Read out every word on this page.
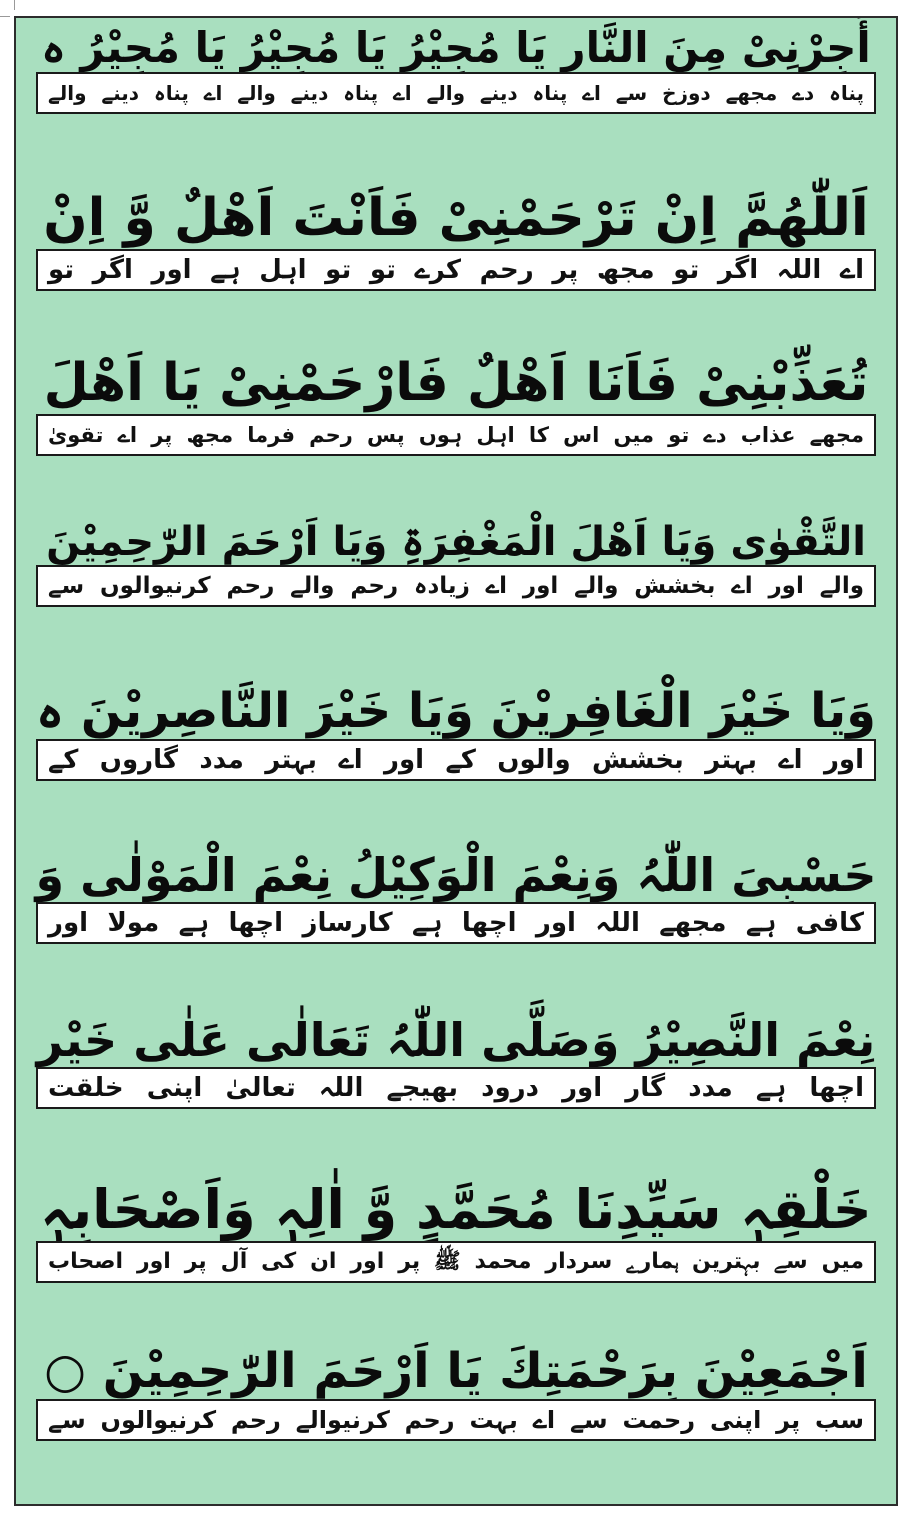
أَجِرْنِیْ مِنَ النَّارِ یَا مُجِیْرُ یَا مُجِیْرُ یَا مُجِیْرُ ہ
پناہ دے مجھے دوزخ سے اے پناہ دینے والے اے پناہ دینے والے اے پناہ دینے والے
اَللّٰھُمَّ اِنْ تَرْحَمْنِیْ فَاَنْتَ اَھْلٌ وَّ اِنْ
اے اللہ اگر تو مجھ پر رحم کرے تو تو اہل ہے اور اگر تو
تُعَذِّبْنِیْ فَاَنَا اَھْلٌ فَارْحَمْنِیْ یَا اَھْلَ
مجھے عذاب دے تو میں اس کا اہل ہوں پس رحم فرما مجھ پر اے تقویٰ
التَّقْوٰی وَیَا اَھْلَ الْمَغْفِرَۃِ وَیَا اَرْحَمَ الرّٰحِمِیْنَ
والے اور اے بخشش والے اور اے زیادہ رحم والے رحم کرنیوالوں سے
وَیَا خَیْرَ الْغَافِرِیْنَ وَیَا خَیْرَ النَّاصِرِیْنَ ہ
اور اے بہتر بخشش والوں کے اور اے بہتر مدد گاروں کے
حَسْبِیَ اللّٰہُ وَنِعْمَ الْوَکِیْلُ نِعْمَ الْمَوْلٰی وَ
کافی ہے مجھے اللہ اور اچھا ہے کارساز اچھا ہے مولا اور
نِعْمَ النَّصِیْرُ وَصَلَّی اللّٰہُ تَعَالٰی عَلٰی خَیْرِ
اچھا ہے مدد گار اور درود بھیجے اللہ تعالیٰ اپنی خلقت
خَلْقِہٖ سَیِّدِنَا مُحَمَّدٍ وَّ اٰلِہٖ وَاَصْحَابِہٖ
میں سے بہترین ہمارے سردار محمد ﷺ پر اور ان کی آل پر اور اصحاب
اَجْمَعِیْنَ بِرَحْمَتِكَ یَا اَرْحَمَ الرّٰحِمِیْنَ ○
سب پر اپنی رحمت سے اے بہت رحم کرنیوالے رحم کرنیوالوں سے
